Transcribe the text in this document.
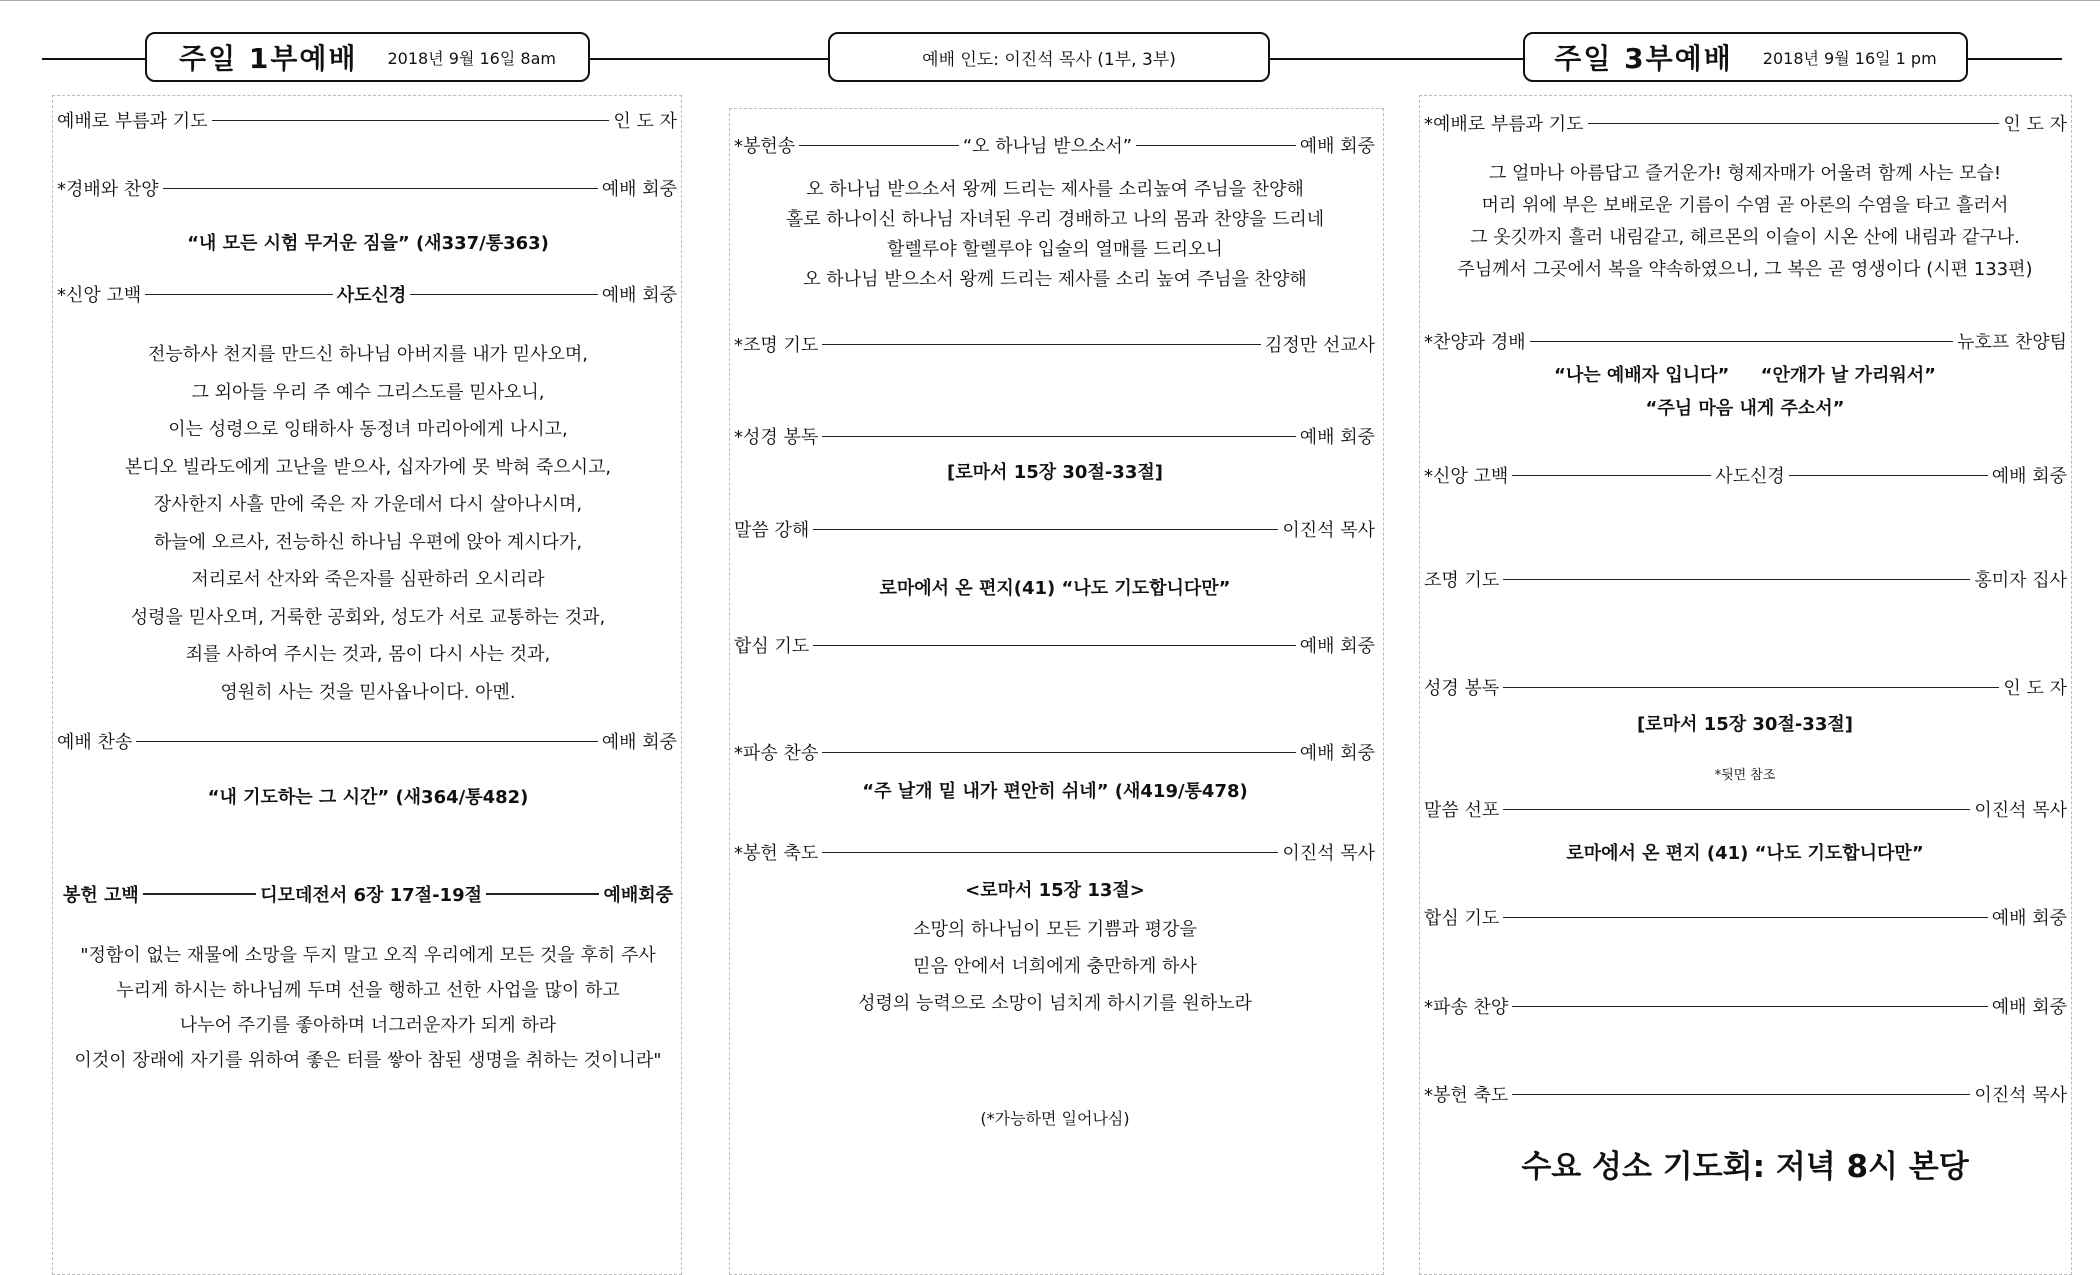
주일 1부예배 2018년 9월 16일 8am	예배 인도: 이진석 목사 (1부, 3부)	주일 3부예배 2018년 9월 16일 1 pm
예배로 부름과 기도	인 도 자
*경배와 찬양	예배 회중
“내 모든 시험 무거운 짐을” (새337/통363)
*신앙 고백	사도신경	예배 회중
전능하사 천지를 만드신 하나님 아버지를 내가 믿사오며,
그 외아들 우리 주 예수 그리스도를 믿사오니,
이는 성령으로 잉태하사 동정녀 마리아에게 나시고,
본디오 빌라도에게 고난을 받으사, 십자가에 못 박혀 죽으시고,
장사한지 사흘 만에 죽은 자 가운데서 다시 살아나시며,
하늘에 오르사, 전능하신 하나님 우편에 앉아 계시다가,
저리로서 산자와 죽은자를 심판하러 오시리라
성령을 믿사오며, 거룩한 공회와, 성도가 서로 교통하는 것과,
죄를 사하여 주시는 것과, 몸이 다시 사는 것과,
영원히 사는 것을 믿사옵나이다. 아멘.
예배 찬송	예배 회중
“내 기도하는 그 시간” (새364/통482)
봉헌 고백	디모데전서 6장 17절-19절	예배회중
"정함이 없는 재물에 소망을 두지 말고 오직 우리에게 모든 것을 후히 주사
누리게 하시는 하나님께 두며 선을 행하고 선한 사업을 많이 하고
나누어 주기를 좋아하며 너그러운자가 되게 하라
이것이 장래에 자기를 위하여 좋은 터를 쌓아 참된 생명을 취하는 것이니라"
*봉헌송	“오 하나님 받으소서”	예배 회중
오 하나님 받으소서 왕께 드리는 제사를 소리높여 주님을 찬양해
홀로 하나이신 하나님 자녀된 우리 경배하고 나의 몸과 찬양을 드리네
할렐루야 할렐루야 입술의 열매를 드리오니
오 하나님 받으소서 왕께 드리는 제사를 소리 높여 주님을 찬양해
*조명 기도	김정만 선교사
*성경 봉독	예배 회중
[로마서 15장 30절-33절]
말씀 강해	이진석 목사
로마에서 온 편지(41) “나도 기도합니다만”
합심 기도	예배 회중
*파송 찬송	예배 회중
“주 날개 밑 내가 편안히 쉬네” (새419/통478)
*봉헌 축도	이진석 목사
<로마서 15장 13절>
소망의 하나님이 모든 기쁨과 평강을
믿음 안에서 너희에게 충만하게 하사
성령의 능력으로 소망이 넘치게 하시기를 원하노라
(*가능하면 일어나심)
*예배로 부름과 기도	인 도 자
그 얼마나 아름답고 즐거운가! 형제자매가 어울려 함께 사는 모습!
머리 위에 부은 보배로운 기름이 수염 곧 아론의 수염을 타고 흘러서
그 옷깃까지 흘러 내림같고, 헤르몬의 이슬이 시온 산에 내림과 같구나.
주님께서 그곳에서 복을 약속하였으니, 그 복은 곧 영생이다 (시편 133편)
*찬양과 경배	뉴호프 찬양팀
“나는 예배자 입니다”     “안개가 날 가리워서”
“주님 마음 내게 주소서”
*신앙 고백	사도신경	예배 회중
조명 기도	홍미자 집사
성경 봉독	인 도 자
[로마서 15장 30절-33절]
*뒷면 참조
말씀 선포	이진석 목사
로마에서 온 편지 (41) “나도 기도합니다만”
합심 기도	예배 회중
*파송 찬양	예배 회중
*봉헌 축도	이진석 목사
수요 성소 기도회: 저녁 8시 본당
